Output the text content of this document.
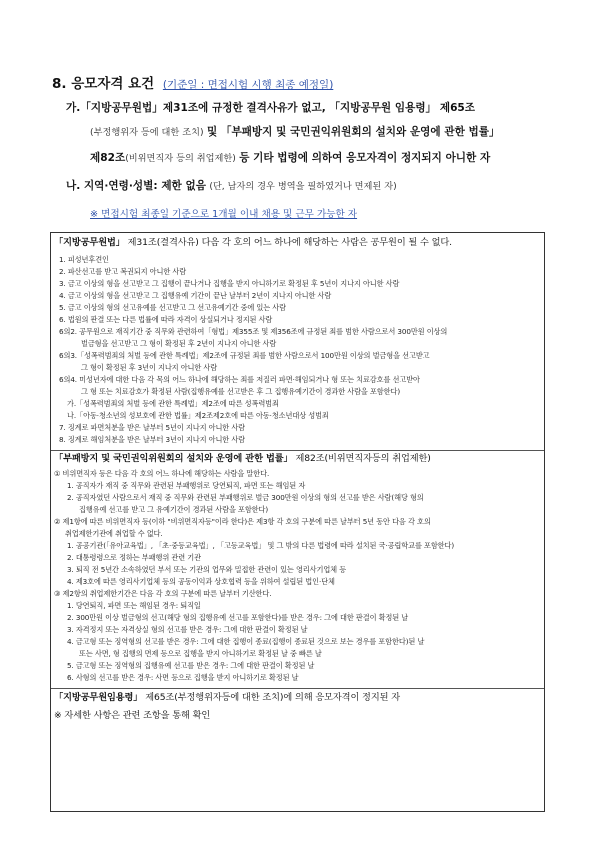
8. 응모자격 요건 (기준일 : 면접시험 시행 최종 예정일)
가.「지방공무원법」제31조에 규정한 결격사유가 없고, 「지방공무원 임용령」 제65조
(부정행위자 등에 대한 조치) 및 「부패방지 및 국민권익위원회의 설치와 운영에 관한 법률」
제82조(비위면직자 등의 취업제한) 등 기타 법령에 의하여 응모자격이 정지되지 아니한 자
나. 지역·연령·성별: 제한 없음 (단, 남자의 경우 병역을 필하였거나 면제된 자)
※ 면접시험 최종일 기준으로 1개월 이내 채용 및 근무 가능한 자
「지방공무원법」 제31조(결격사유) 다음 각 호의 어느 하나에 해당하는 사람은 공무원이 될 수 없다.
1. 피성년후견인
2. 파산선고를 받고 복권되지 아니한 사람
3. 금고 이상의 형을 선고받고 그 집행이 끝나거나 집행을 받지 아니하기로 확정된 후 5년이 지나지 아니한 사람
4. 금고 이상의 형을 선고받고 그 집행유예 기간이 끝난 날부터 2년이 지나지 아니한 사람
5. 금고 이상의 형의 선고유예를 선고받고 그 선고유예기간 중에 있는 사람
6. 법원의 판결 또는 다른 법률에 따라 자격이 상실되거나 정지된 사람
6의2. 공무원으로 재직기간 중 직무와 관련하여「형법」제355조 및 제356조에 규정된 죄를 범한 사람으로서 300만원 이상의
벌금형을 선고받고 그 형이 확정된 후 2년이 지나지 아니한 사람
6의3.「성폭력범죄의 처벌 등에 관한 특례법」제2조에 규정된 죄를 범한 사람으로서 100만원 이상의 벌금형을 선고받고
그 형이 확정된 후 3년이 지나지 아니한 사람
6의4. 미성년자에 대한 다음 각 목의 어느 하나에 해당하는 죄를 저질러 파면·해임되거나 형 또는 치료감호를 선고받아
그 형 또는 치료감호가 확정된 사람(집행유예를 선고받은 후 그 집행유예기간이 경과한 사람을 포함한다)
가.「성폭력범죄의 처벌 등에 관한 특례법」제2조에 따른 성폭력범죄
나.「아동·청소년의 성보호에 관한 법률」제2조제2호에 따른 아동·청소년대상 성범죄
7. 징계로 파면처분을 받은 날부터 5년이 지나지 아니한 사람
8. 징계로 해임처분을 받은 날부터 3년이 지나지 아니한 사람
「부패방지 및 국민권익위원회의 설치와 운영에 관한 법률」 제82조(비위면직자등의 취업제한)
① 비위면직자 등은 다음 각 호의 어느 하나에 해당하는 사람을 말한다.
1. 공직자가 재직 중 직무와 관련된 부패행위로 당연퇴직, 파면 또는 해임된 자
2. 공직자였던 사람으로서 재직 중 직무와 관련된 부패행위로 벌금 300만원 이상의 형의 선고를 받은 사람(해당 형의
집행유예 선고를 받고 그 유예기간이 경과된 사람을 포함한다)
② 제1항에 따른 비위면직자 등(이하 "비위면직자등"이라 한다)은 제3항 각 호의 구분에 따른 날부터 5년 동안 다음 각 호의
취업제한기관에 취업할 수 없다.
1. 공공기관(「유아교육법」, 「초·중등교육법」, 「고등교육법」 및 그 밖의 다른 법령에 따라 설치된 국·공립학교를 포함한다)
2. 대통령령으로 정하는 부패행위 관련 기관
3. 퇴직 전 5년간 소속하였던 부서 또는 기관의 업무와 밀접한 관련이 있는 영리사기업체 등
4. 제3호에 따른 영리사기업체 등의 공동이익과 상호협력 등을 위하여 설립된 법인·단체
③ 제2항의 취업제한기간은 다음 각 호의 구분에 따른 날부터 기산한다.
1. 당연퇴직, 파면 또는 해임된 경우: 퇴직일
2. 300만원 이상 벌금형의 선고(해당 형의 집행유예 선고를 포함한다)를 받은 경우: 그에 대한 판결이 확정된 날
3. 자격정지 또는 자격상실 형의 선고를 받은 경우: 그에 대한 판결이 확정된 날
4. 금고형 또는 징역형의 선고를 받은 경우: 그에 대한 집행이 종료(집행이 종료된 것으로 보는 경우를 포함한다)된 날
또는 사면, 형 집행의 면제 등으로 집행을 받지 아니하기로 확정된 날 중 빠른 날
5. 금고형 또는 징역형의 집행유예 선고를 받은 경우: 그에 대한 판결이 확정된 날
6. 사형의 선고를 받은 경우: 사면 등으로 집행을 받지 아니하기로 확정된 날
「지방공무원임용령」 제65조(부정행위자등에 대한 조치)에 의해 응모자격이 정지된 자
※ 자세한 사항은 관련 조항을 통해 확인
